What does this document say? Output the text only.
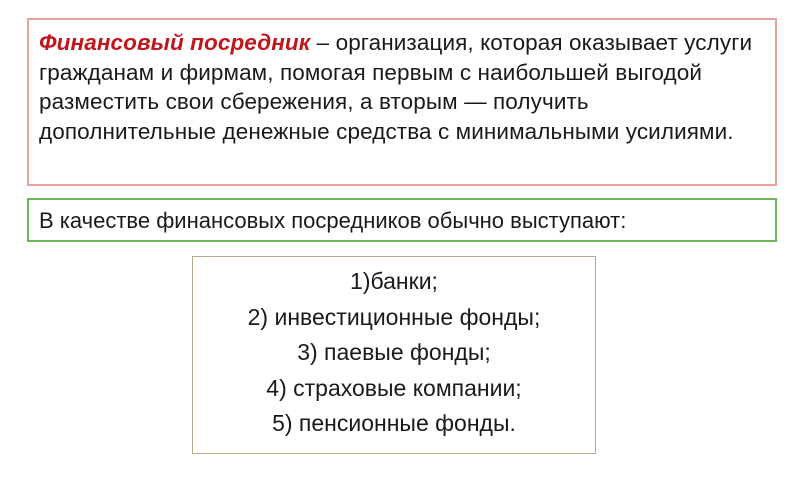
Финансовый посредник – организация, которая оказывает услуги гражданам и фирмам, помогая первым с наибольшей выгодой разместить свои сбережения, а вторым — получить дополнительные денежные средства с минимальными усилиями.
В качестве финансовых посредников обычно выступают:
1)банки;
2) инвестиционные фонды;
3) паевые фонды;
4) страховые компании;
5) пенсионные фонды.
